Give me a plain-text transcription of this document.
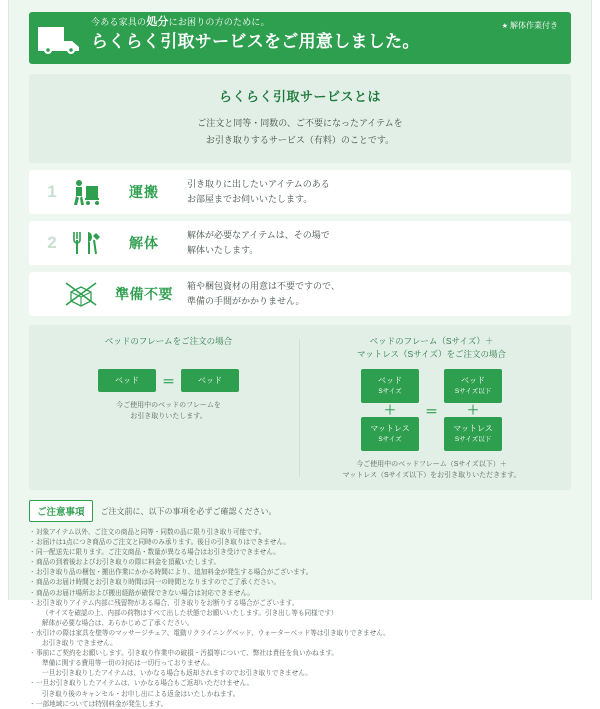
今ある家具の処分にお困りの方のために。
らくらく引取サービスをご用意しました。
★ 解体作業付き
らくらく引取サービスとは

ご注文と同等・同数の、ご不要になったアイテムを

お引き取りするサービス（有料）のことです。

1	運搬	引き取りに出したいアイテムのある
お部屋までお伺いいたします。
2	解体	解体が必要なアイテムは、その場で
解体いたします。
準備不要	箱や梱包資材の用意は不要ですので、
準備の手間がかかりません。
ベッドのフレームをご注文の場合
ベッド	＝	ベッド
今ご使用中のベッドのフレームを
お引き取りいたします。
ベッドのフレーム（Sサイズ）＋
マットレス（Sサイズ）をご注文の場合
ベッド
Sサイズ
＋
マットレス
Sサイズ
＝
ベッド
Sサイズ以下
＋
マットレス
Sサイズ以下
今ご使用中のベッドフレーム（Sサイズ以下）＋
マットレス（Sサイズ以下）をお引き取りいただきます。
ご注意事項	ご注文前に、以下の事項を必ずご確認ください。
・ 対象アイテム以外、ご注文の商品と同等・同数の品に限り引き取り可能です。
・ お届けは1点につき商品のご注文と同時のみ承ります。後日の引き取りはできません。
・ 同一配送先に限ります。ご注文商品・数量が異なる場合はお引き受けできません。
・ 商品の到着後およびお引き取りの際に料金を頂戴いたします。
・ お引き取り品の梱包・搬出作業にかかる時間により、追加料金が発生する場合がございます。
・ 商品のお届け時間とお引き取り時間は同一の時間となりますのでご了承ください。
・ 商品のお届け場所および搬出経路が確保できない場合は対応できません。
・ お引き取りアイテム内部に残留物がある場合、引き取りをお断りする場合がございます。
（サイズを確認の上、内部の荷物はすべて出した状態でお願いいたします。引き出し等も同様です）
解体が必要な場合は、あらかじめご了承ください。
・ 水引けの際は家具を壁等のマッサージチェア、電動リクライニングベッド、ウォーターベッド等は引き取りできません。
お引き取り できません。
・ 事前にご契約をお願いします。引き取り作業中の破損・汚損等について、弊社は責任を負いかねます。
準備に関する費用等一切の対応は一切行っておりません。
一旦お引き取りしたアイテムは、いかなる場合も返却されますのでお引き取りできません。
・ 一旦お引き取りしたアイテムは、いかなる場合もご返却いただけません。
引き取り後のキャンセル・お申し出による返金はいたしかねます。
・ 一部地域については特別料金が発生します。
